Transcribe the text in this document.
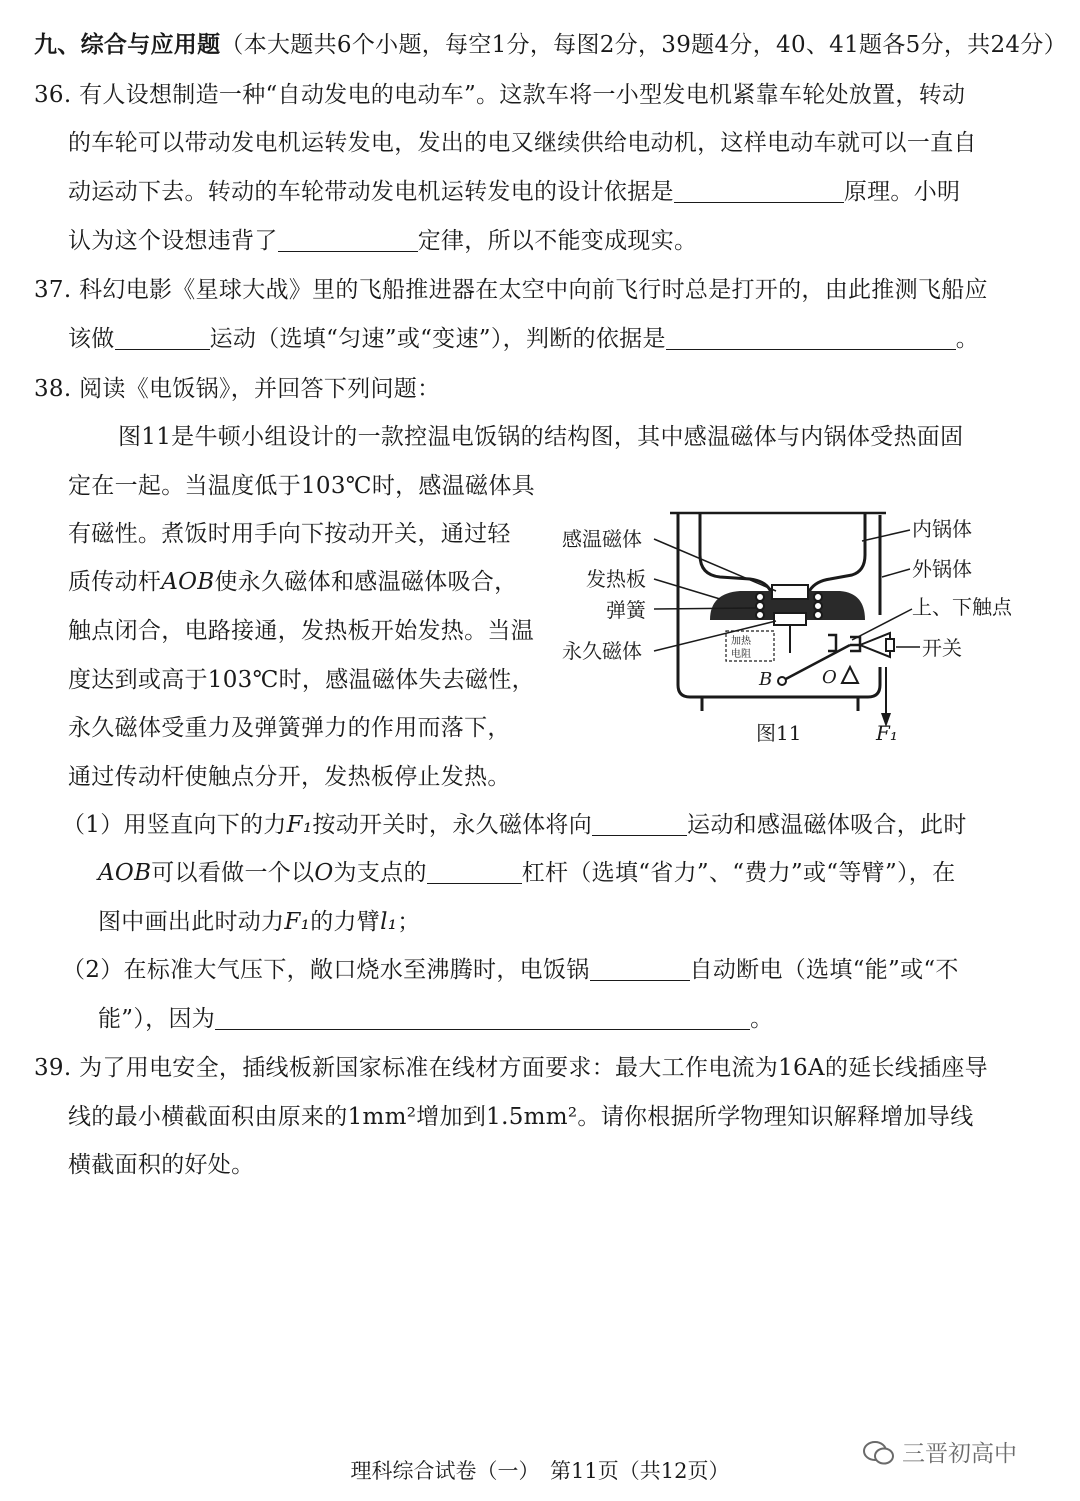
九、综合与应用题（本大题共6个小题，每空1分，每图2分，39题4分，40、41题各5分，共24分）
36. 有人设想制造一种“自动发电的电动车”。这款车将一小型发电机紧靠车轮处放置，转动
的车轮可以带动发电机运转发电，发出的电又继续供给电动机，这样电动车就可以一直自
动运动下去。转动的车轮带动发电机运转发电的设计依据是	原理。小明
认为这个设想违背了	定律，所以不能变成现实。
37. 科幻电影《星球大战》里的飞船推进器在太空中向前飞行时总是打开的，由此推测飞船应
该做	运动（选填“匀速”或“变速”），判断的依据是	。
38. 阅读《电饭锅》，并回答下列问题：
图11是牛顿小组设计的一款控温电饭锅的结构图，其中感温磁体与内锅体受热面固
定在一起。当温度低于103℃时，感温磁体具
有磁性。煮饭时用手向下按动开关，通过轻
质传动杆AOB使永久磁体和感温磁体吸合，
触点闭合，电路接通，发热板开始发热。当温
度达到或高于103℃时，感温磁体失去磁性，
永久磁体受重力及弹簧弹力的作用而落下，
通过传动杆使触点分开，发热板停止发热。
加热
电阻
B	O
感温磁体
发热板
弹簧
永久磁体
内锅体
外锅体
上、下触点
开关
图11	F₁
（1）用竖直向下的力F₁按动开关时，永久磁体将向	运动和感温磁体吸合，此时
AOB可以看做一个以O为支点的	杠杆（选填“省力”、“费力”或“等臂”），在
图中画出此时动力F₁的力臂l₁；
（2）在标准大气压下，敞口烧水至沸腾时，电饭锅	自动断电（选填“能”或“不
能”），因为	。
39. 为了用电安全，插线板新国家标准在线材方面要求：最大工作电流为16A的延长线插座导
线的最小横截面积由原来的1mm²增加到1.5mm²。请你根据所学物理知识解释增加导线
横截面积的好处。
三晋初高中
理科综合试卷（一）　第11页（共12页）
